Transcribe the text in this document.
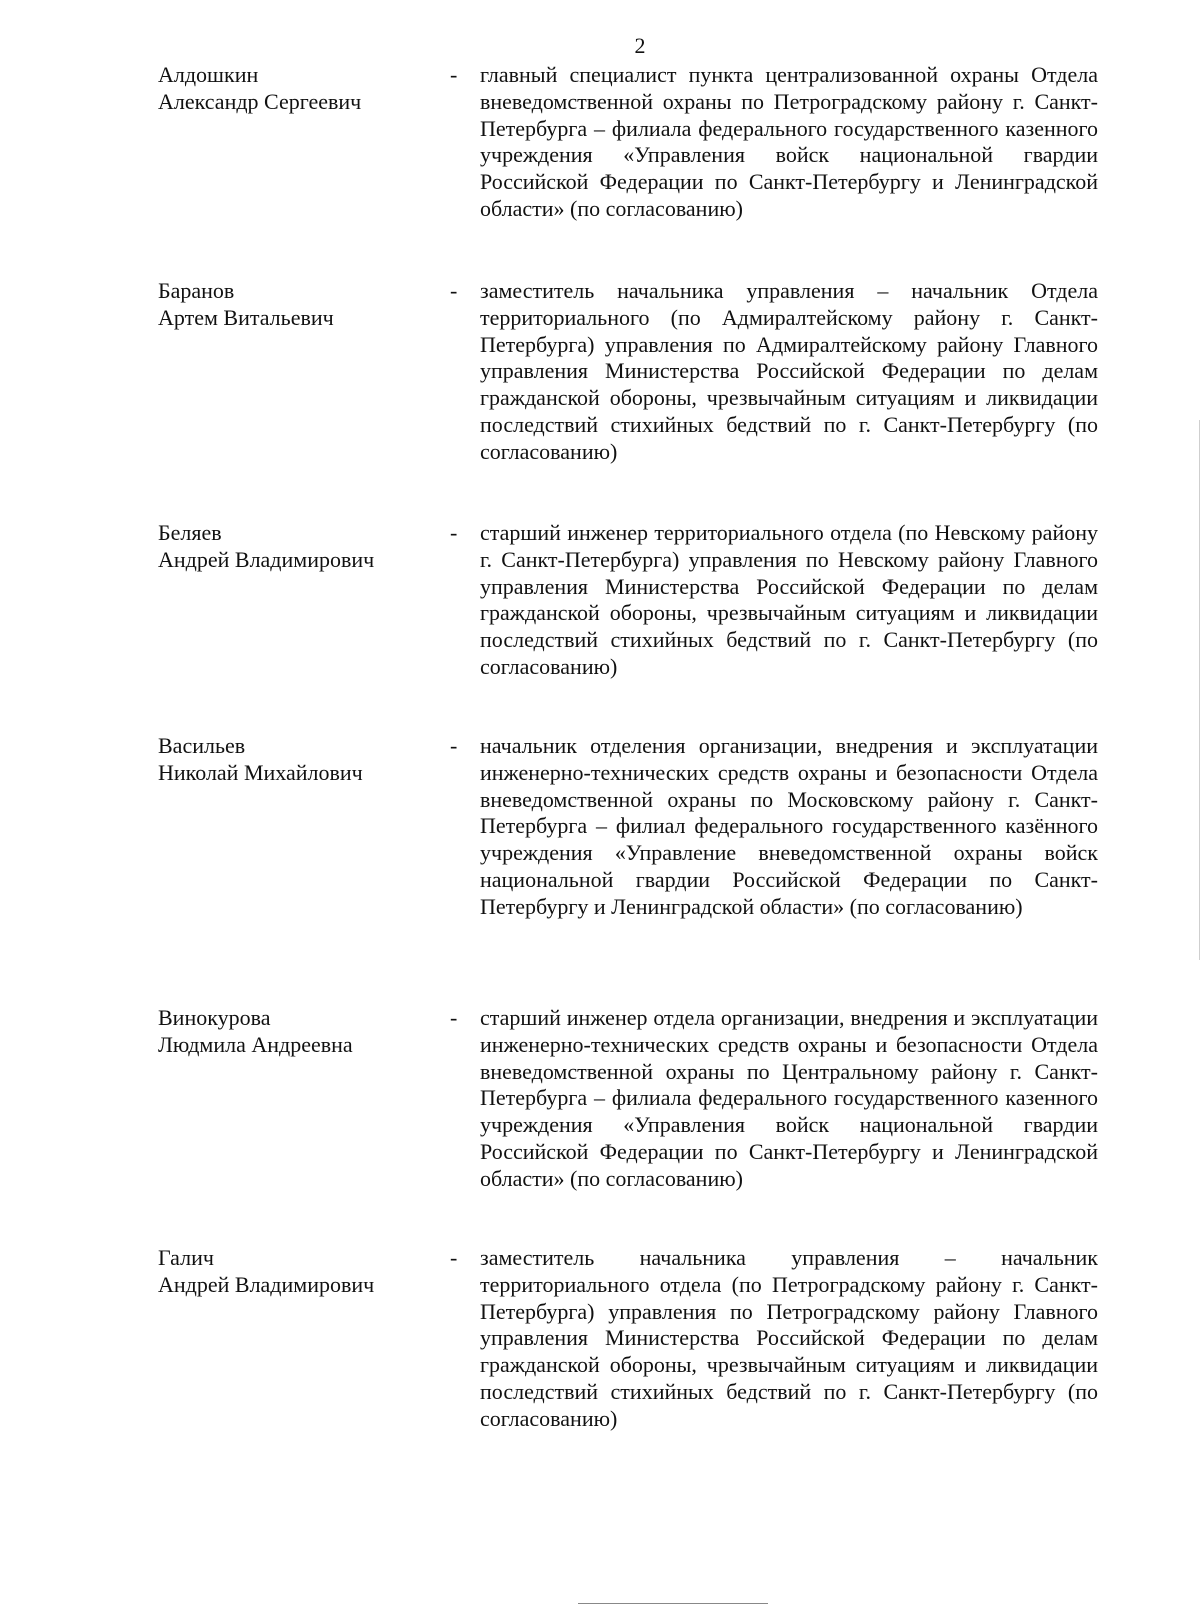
2
Алдошкин
Александр Сергеевич
- главный специалист пункта централизованной охраны Отдела вневедомственной охраны по Петроградскому району г. Санкт-Петербурга – филиала федерального государственного казенного учреждения «Управления войск национальной гвардии Российской Федерации по Санкт-Петербургу и Ленинградской области» (по согласованию)

Баранов
Артем Витальевич
- заместитель начальника управления – начальник Отдела территориального (по Адмиралтейскому району г. Санкт-Петербурга) управления по Адмиралтейскому району Главного управления Министерства Российской Федерации по делам гражданской обороны, чрезвычайным ситуациям и ликвидации последствий стихийных бедствий по г. Санкт-Петербургу (по согласованию)

Беляев
Андрей Владимирович
- старший инженер территориального отдела (по Невскому району г. Санкт-Петербурга) управления по Невскому району Главного управления Министерства Российской Федерации по делам гражданской обороны, чрезвычайным ситуациям и ликвидации последствий стихийных бедствий по г. Санкт-Петербургу (по согласованию)

Васильев
Николай Михайлович
- начальник отделения организации, внедрения и эксплуатации инженерно-технических средств охраны и безопасности Отдела вневедомственной охраны по Московскому району г. Санкт-Петербурга – филиал федерального государственного казённого учреждения «Управление вневедомственной охраны войск национальной гвардии Российской Федерации по Санкт-Петербургу и Ленинградской области» (по согласованию)

Винокурова
Людмила Андреевна
- старший инженер отдела организации, внедрения и эксплуатации инженерно-технических средств охраны и безопасности Отдела вневедомственной охраны по Центральному району г. Санкт-Петербурга – филиала федерального государственного казенного учреждения «Управления войск национальной гвардии Российской Федерации по Санкт-Петербургу и Ленинградской области» (по согласованию)

Галич
Андрей Владимирович
- заместитель начальника управления – начальник территориального отдела (по Петроградскому району г. Санкт-Петербурга) управления по Петроградскому району Главного управления Министерства Российской Федерации по делам гражданской обороны, чрезвычайным ситуациям и ликвидации последствий стихийных бедствий по г. Санкт-Петербургу (по согласованию)
